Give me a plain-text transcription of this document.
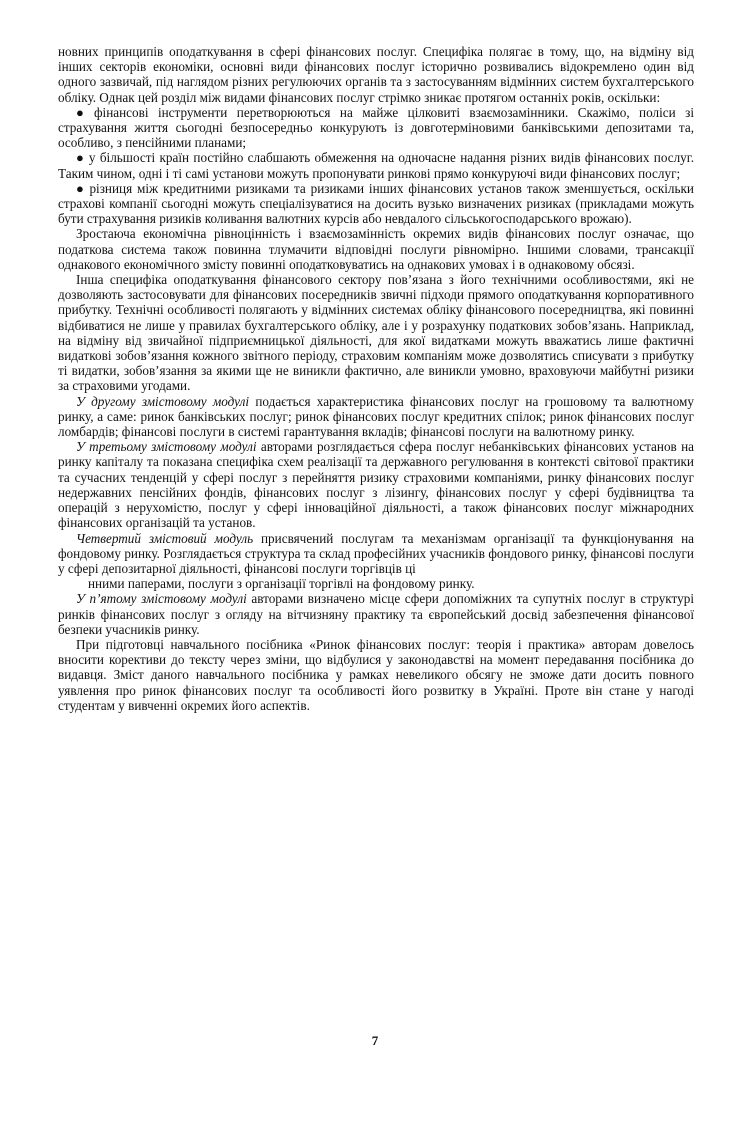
новних принципів оподаткування в сфері фінансових послуг. Специфіка полягає в тому, що, на відміну від інших секторів економіки, основні види фінансових послуг історично розвивались відокремлено один від одного зазвичай, під наглядом різних регулюючих органів та з застосуванням відмінних систем бухгалтерського обліку. Однак цей розділ між видами фінансових послуг стрімко зникає протягом останніх років, оскільки:

● фінансові інструменти перетворюються на майже цілковиті взаємозамінники. Скажімо, поліси зі страхування життя сьогодні безпосередньо конкурують із довготерміновими банківськими депозитами та, особливо, з пенсійними планами;

● у більшості країн постійно слабшають обмеження на одночасне надання різних видів фінансових послуг. Таким чином, одні і ті самі установи можуть пропонувати ринкові прямо конкуруючі види фінансових послуг;

● різниця між кредитними ризиками та ризиками інших фінансових установ також зменшується, оскільки страхові компанії сьогодні можуть спеціалізуватися на досить вузько визначених ризиках (прикладами можуть бути страхування ризиків коливання валютних курсів або невдалого сільськогосподарського врожаю).

Зростаюча економічна рівноцінність і взаємозамінність окремих видів фінансових послуг означає, що податкова система також повинна тлумачити відповідні послуги рівномірно. Іншими словами, трансакції однакового економічного змісту повинні оподатковуватись на однакових умовах і в однаковому обсязі.

Інша специфіка оподаткування фінансового сектору пов’язана з його технічними особливостями, які не дозволяють застосовувати для фінансових посередників звичні підходи прямого оподаткування корпоративного прибутку. Технічні особливості полягають у відмінних системах обліку фінансового посередництва, які повинні відбиватися не лише у правилах бухгалтерського обліку, але і у розрахунку податкових зобов’язань. Наприклад, на відміну від звичайної підприємницької діяльності, для якої видатками можуть вважатись лише фактичні видаткові зобов’язання кожного звітного періоду, страховим компаніям може дозволятись списувати з прибутку ті видатки, зобов’язання за якими ще не виникли фактично, але виникли умовно, враховуючи майбутні ризики за страховими угодами.

У другому змістовому модулі подається характеристика фінансових послуг на грошовому та валютному ринку, а саме: ринок банківських послуг; ринок фінансових послуг кредитних спілок; ринок фінансових послуг ломбардів; фінансові послуги в системі гарантування вкладів; фінансові послуги на валютному ринку.

У третьому змістовому модулі авторами розглядається сфера послуг небанківських фінансових установ на ринку капіталу та показана специфіка схем реалізації та державного регулювання в контексті світової практики та сучасних тенденцій у сфері послуг з перейняття ризику страховими компаніями, ринку фінансових послуг недержавних пенсійних фондів, фінансових послуг з лізингу, фінансових послуг у сфері будівництва та операцій з нерухомістю, послуг у сфері інноваційної діяльності, а також фінансових послуг міжнародних фінансових організацій та установ.

Четвертий змістовий модуль присвячений послугам та механізмам організації та функціонування на фондовому ринку. Розглядається структура та склад професійних учасників фондового ринку, фінансові послуги у сфері депозитарної діяльності, фінансові послуги торгівців ці

нними паперами, послуги з організації торгівлі на фондовому ринку.

У п’ятому змістовому модулі авторами визначено місце сфери допоміжних та супутніх послуг в структурі ринків фінансових послуг з огляду на вітчизняну практику та європейський досвід забезпечення фінансової безпеки учасників ринку.

При підготовці навчального посібника «Ринок фінансових послуг: теорія і практика» авторам довелось вносити корективи до тексту через зміни, що відбулися у законодавстві на момент передавання посібника до видавця. Зміст даного навчального посібника у рамках невеликого обсягу не зможе дати досить повного уявлення про ринок фінансових послуг та особливості його розвитку в Україні. Проте він стане у нагоді студентам у вивченні окремих його аспектів.

7
